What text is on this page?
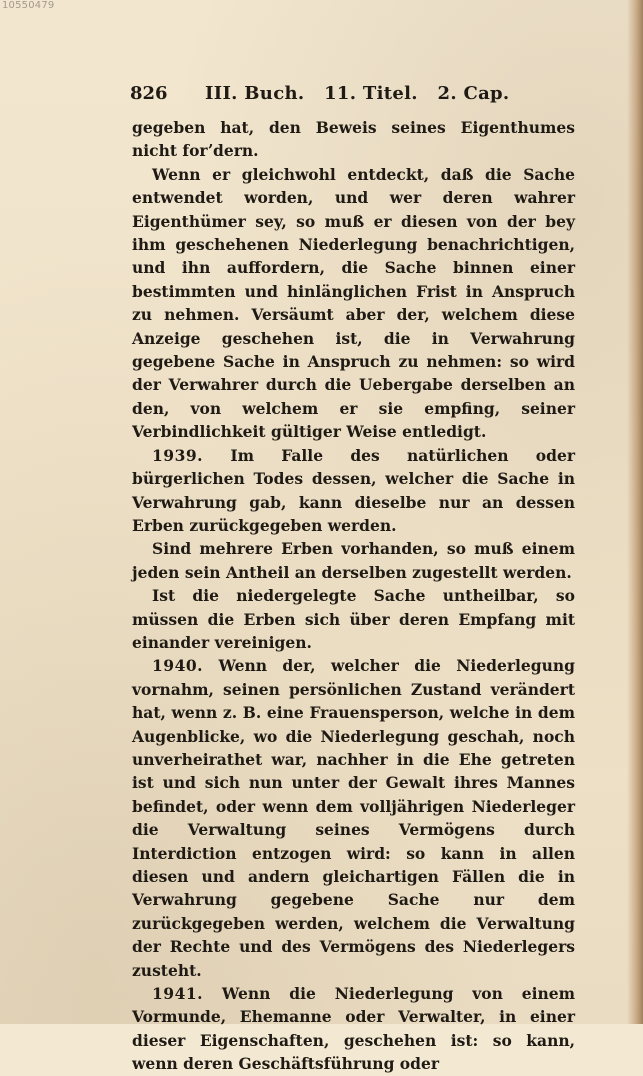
10550479
826 III. Buch.   11. Titel.   2. Cap.

gegeben hat, den Beweis seines Eigenthumes nicht forʼdern.

Wenn er gleichwohl entdeckt, daß die Sache entwendet worden, und wer deren wahrer Eigenthümer sey, so muß er diesen von der bey ihm geschehenen Niederlegung benachrichtigen, und ihn auffordern, die Sache binnen einer bestimmten und hinlänglichen Frist in Anspruch zu nehmen. Versäumt aber der, welchem diese Anzeige geschehen ist, die in Verwahrung gegebene Sache in Anspruch zu nehmen: so wird der Verwahrer durch die Uebergabe derselben an den, von welchem er sie empfing, seiner Verbindlichkeit gültiger Weise entledigt.

1939. Im Falle des natürlichen oder bürgerlichen Todes dessen, welcher die Sache in Verwahrung gab, kann dieselbe nur an dessen Erben zurückgegeben werden.

Sind mehrere Erben vorhanden, so muß einem jeden sein Antheil an derselben zugestellt werden.

Ist die niedergelegte Sache untheilbar, so müssen die Erben sich über deren Empfang mit einander vereinigen.

1940. Wenn der, welcher die Niederlegung vornahm, seinen persönlichen Zustand verändert hat, wenn z. B. eine Frauensperson, welche in dem Augenblicke, wo die Niederlegung geschah, noch unverheirathet war, nachher in die Ehe getreten ist und sich nun unter der Gewalt ihres Mannes befindet, oder wenn dem volljährigen Niederleger die Verwaltung seines Vermögens durch Interdiction entzogen wird: so kann in allen diesen und andern gleichartigen Fällen die in Verwahrung gegebene Sache nur dem zurückgegeben werden, welchem die Verwaltung der Rechte und des Vermögens des Niederlegers zusteht.

1941. Wenn die Niederlegung von einem Vormunde, Ehemanne oder Verwalter, in einer dieser Eigenschaften, geschehen ist: so kann, wenn deren Geschäftsführung oder
